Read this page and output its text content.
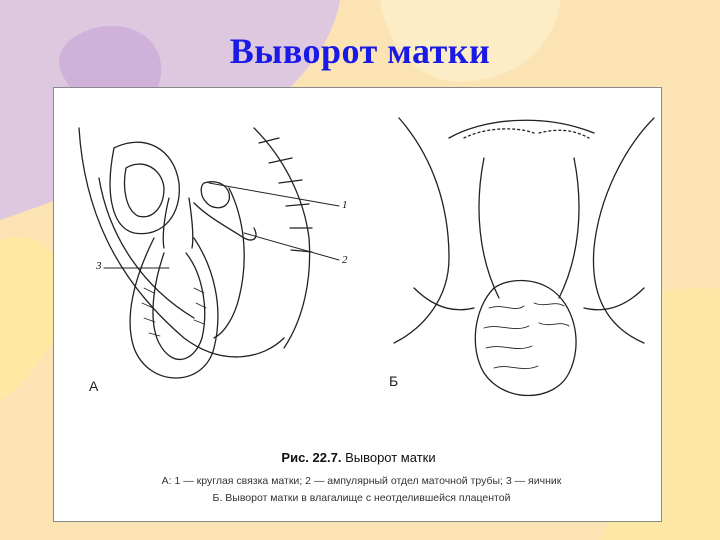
Выворот матки
А	Б
1
2
3
Рис. 22.7. Выворот матки
А: 1 — круглая связка матки; 2 — ампулярный отдел маточной трубы; 3 — яичник
Б. Выворот матки в влагалище с неотделившейся плацентой
